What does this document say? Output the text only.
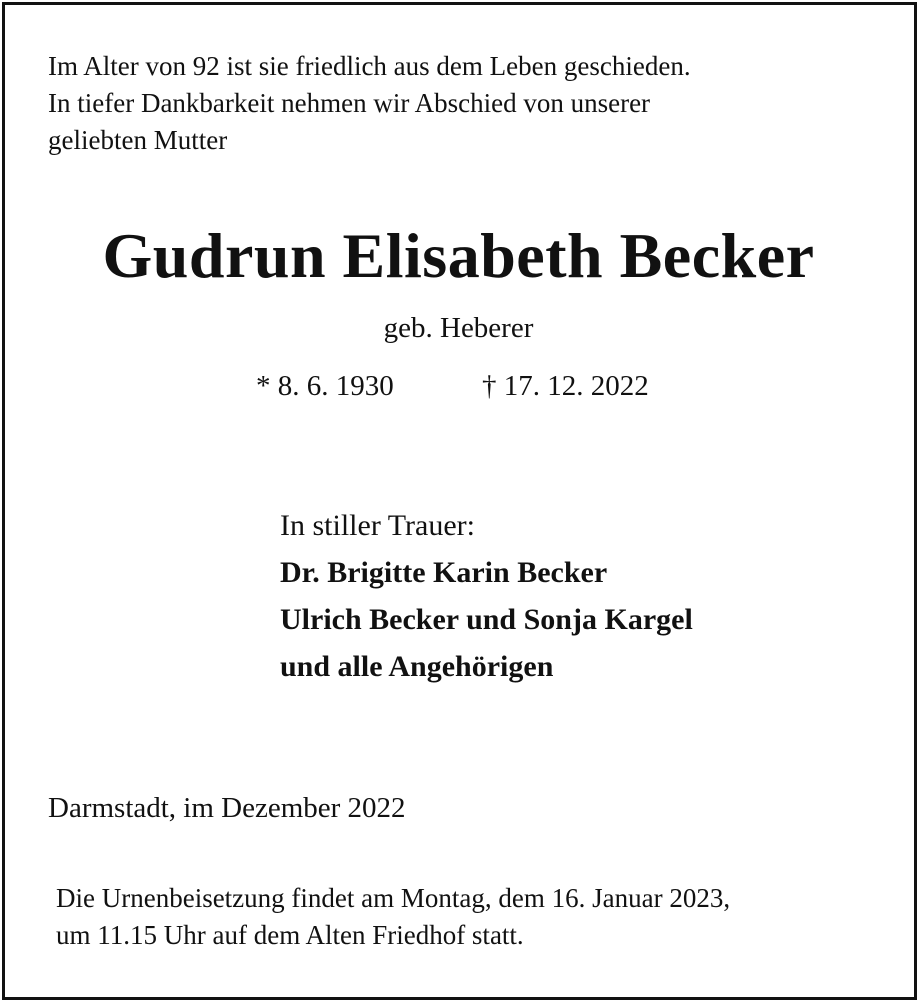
Im Alter von 92 ist sie friedlich aus dem Leben geschieden.
In tiefer Dankbarkeit nehmen wir Abschied von unserer
geliebten Mutter

Gudrun Elisabeth Becker
geb. Heberer
* 8. 6. 1930	† 17. 12. 2022
In stiller Trauer:
Dr. Brigitte Karin Becker
Ulrich Becker und Sonja Kargel
und alle Angehörigen
Darmstadt, im Dezember 2022

Die Urnenbeisetzung findet am Montag, dem 16. Januar 2023,
um 11.15 Uhr auf dem Alten Friedhof statt.
